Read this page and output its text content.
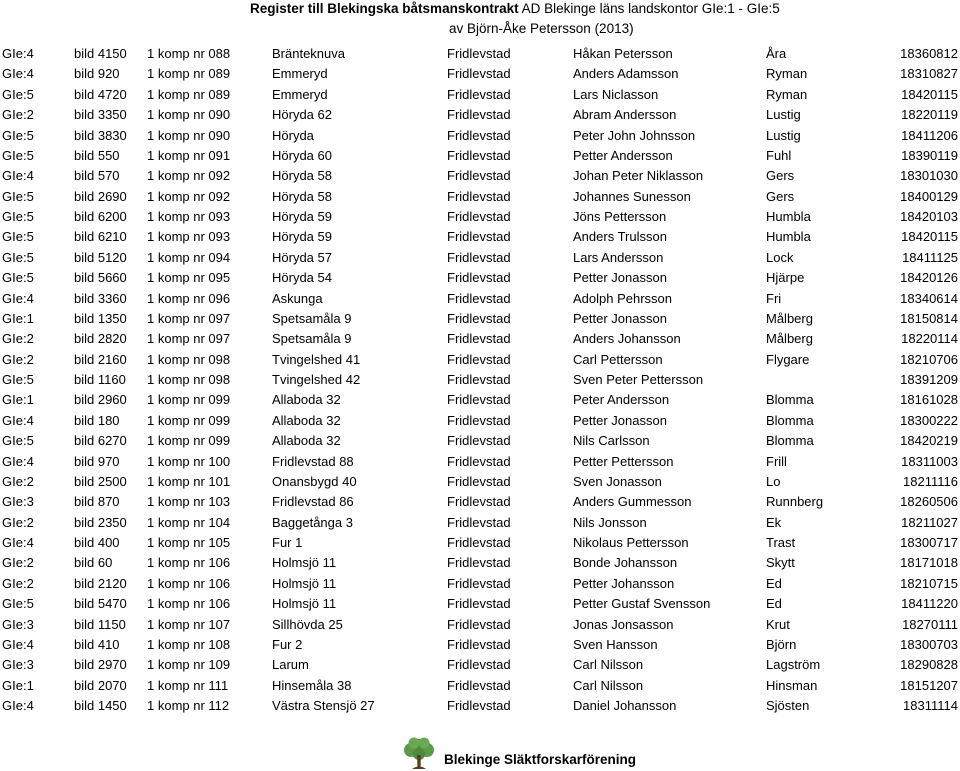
Register till Blekingska båtsmanskontrakt AD Blekinge läns landskontor GIe:1 - GIe:5
av Björn-Åke Petersson (2013)
GIe:4	bild 4150 1 komp nr 088	Bränteknuva	Fridlevstad	Håkan Petersson	Åra	18360812
GIe:4	bild 920 1 komp nr 089	Emmeryd	Fridlevstad	Anders Adamsson	Ryman	18310827
GIe:5	bild 4720 1 komp nr 089	Emmeryd	Fridlevstad	Lars Niclasson	Ryman	18420115
GIe:2	bild 3350 1 komp nr 090	Höryda 62	Fridlevstad	Abram Andersson	Lustig	18220119
GIe:5	bild 3830 1 komp nr 090	Höryda	Fridlevstad	Peter John Johnsson	Lustig	18411206
GIe:5	bild 550 1 komp nr 091	Höryda 60	Fridlevstad	Petter Andersson	Fuhl	18390119
GIe:4	bild 570 1 komp nr 092	Höryda 58	Fridlevstad	Johan Peter Niklasson	Gers	18301030
GIe:5	bild 2690 1 komp nr 092	Höryda 58	Fridlevstad	Johannes Sunesson	Gers	18400129
GIe:5	bild 6200 1 komp nr 093	Höryda 59	Fridlevstad	Jöns Pettersson	Humbla	18420103
GIe:5	bild 6210 1 komp nr 093	Höryda 59	Fridlevstad	Anders Trulsson	Humbla	18420115
GIe:5	bild 5120 1 komp nr 094	Höryda 57	Fridlevstad	Lars Andersson	Lock	18411125
GIe:5	bild 5660 1 komp nr 095	Höryda 54	Fridlevstad	Petter Jonasson	Hjärpe	18420126
GIe:4	bild 3360 1 komp nr 096	Askunga	Fridlevstad	Adolph Pehrsson	Fri	18340614
GIe:1	bild 1350 1 komp nr 097	Spetsamåla 9	Fridlevstad	Petter Jonasson	Målberg	18150814
GIe:2	bild 2820 1 komp nr 097	Spetsamåla 9	Fridlevstad	Anders Johansson	Målberg	18220114
GIe:2	bild 2160 1 komp nr 098	Tvingelshed 41	Fridlevstad	Carl Pettersson	Flygare	18210706
GIe:5	bild 1160 1 komp nr 098	Tvingelshed 42	Fridlevstad	Sven Peter Pettersson	18391209
GIe:1	bild 2960 1 komp nr 099	Allaboda 32	Fridlevstad	Peter Andersson	Blomma	18161028
GIe:4	bild 180 1 komp nr 099	Allaboda 32	Fridlevstad	Petter Jonasson	Blomma	18300222
GIe:5	bild 6270 1 komp nr 099	Allaboda 32	Fridlevstad	Nils Carlsson	Blomma	18420219
GIe:4	bild 970 1 komp nr 100	Fridlevstad 88	Fridlevstad	Petter Pettersson	Frill	18311003
GIe:2	bild 2500 1 komp nr 101	Onansbygd 40	Fridlevstad	Sven Jonasson	Lo	18211116
GIe:3	bild 870 1 komp nr 103	Fridlevstad 86	Fridlevstad	Anders Gummesson	Runnberg	18260506
GIe:2	bild 2350 1 komp nr 104	Baggetånga 3	Fridlevstad	Nils Jonsson	Ek	18211027
GIe:4	bild 400 1 komp nr 105	Fur 1	Fridlevstad	Nikolaus Pettersson	Trast	18300717
GIe:2	bild 60	1 komp nr 106	Holmsjö 11	Fridlevstad	Bonde Johansson	Skytt	18171018
GIe:2	bild 2120 1 komp nr 106	Holmsjö 11	Fridlevstad	Petter Johansson	Ed	18210715
GIe:5	bild 5470 1 komp nr 106	Holmsjö 11	Fridlevstad	Petter Gustaf Svensson	Ed	18411220
GIe:3	bild 1150 1 komp nr 107	Sillhövda 25	Fridlevstad	Jonas Jonsasson	Krut	18270111
GIe:4	bild 410 1 komp nr 108	Fur 2	Fridlevstad	Sven Hansson	Björn	18300703
GIe:3	bild 2970 1 komp nr 109	Larum	Fridlevstad	Carl Nilsson	Lagström	18290828
GIe:1	bild 2070 1 komp nr 111	Hinsemåla 38	Fridlevstad	Carl Nilsson	Hinsman	18151207
GIe:4	bild 1450 1 komp nr 112	Västra Stensjö 27	Fridlevstad	Daniel Johansson	Sjösten	18311114
Blekinge Släktforskarförening
